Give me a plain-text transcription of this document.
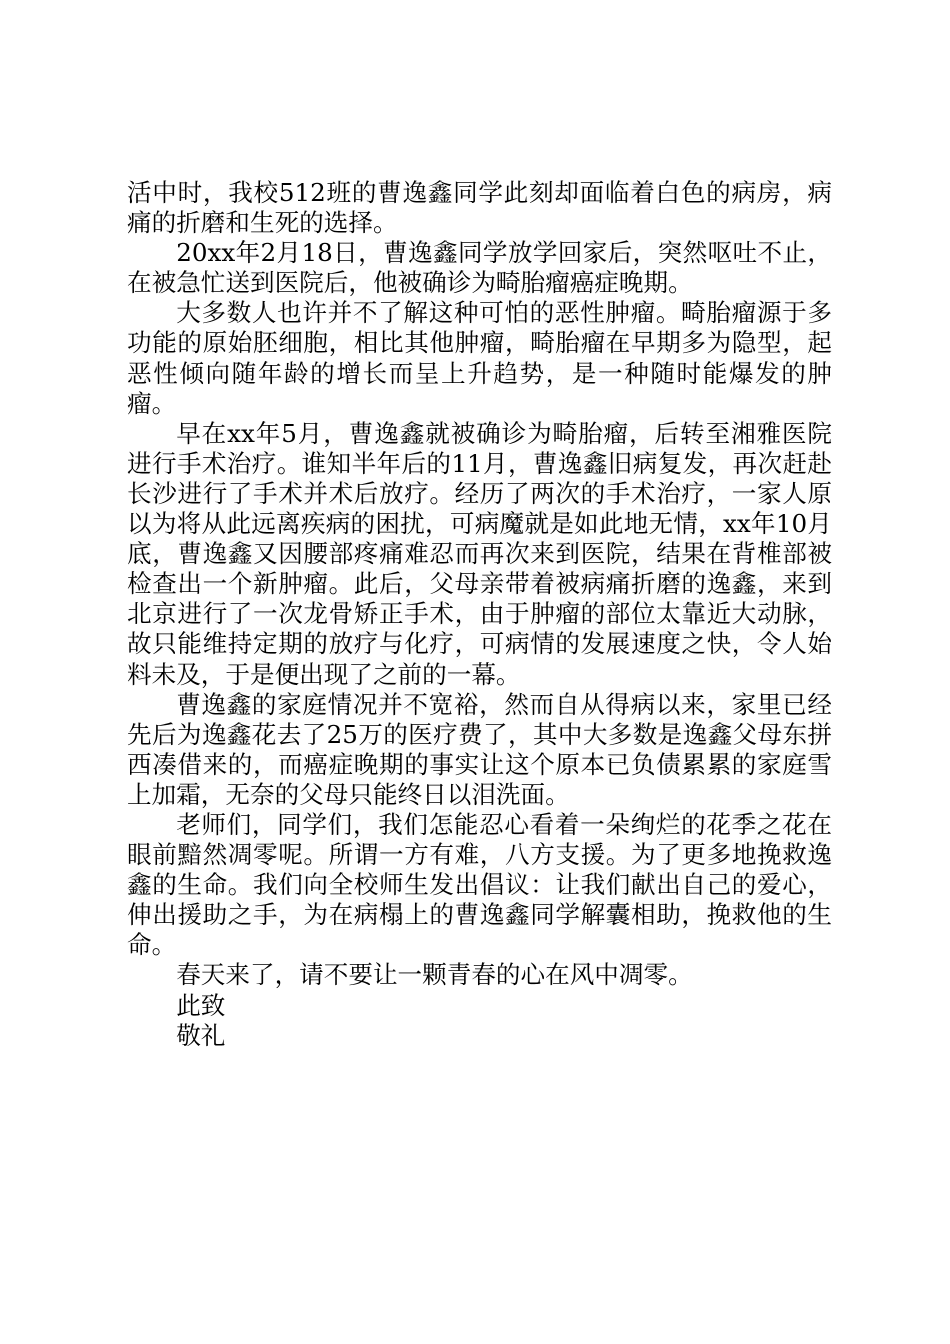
活中时，我校512班的曹逸鑫同学此刻却面临着白色的病房，病痛的折磨和生死的选择。

20xx年2月18日，曹逸鑫同学放学回家后，突然呕吐不止，在被急忙送到医院后，他被确诊为畸胎瘤癌症晚期。

大多数人也许并不了解这种可怕的恶性肿瘤。畸胎瘤源于多功能的原始胚细胞，相比其他肿瘤，畸胎瘤在早期多为隐型，起恶性倾向随年龄的增长而呈上升趋势，是一种随时能爆发的肿瘤。

早在xx年5月，曹逸鑫就被确诊为畸胎瘤，后转至湘雅医院进行手术治疗。谁知半年后的11月，曹逸鑫旧病复发，再次赶赴长沙进行了手术并术后放疗。经历了两次的手术治疗，一家人原以为将从此远离疾病的困扰，可病魔就是如此地无情，xx年10月底，曹逸鑫又因腰部疼痛难忍而再次来到医院，结果在背椎部被检查出一个新肿瘤。此后，父母亲带着被病痛折磨的逸鑫，来到北京进行了一次龙骨矫正手术，由于肿瘤的部位太靠近大动脉，故只能维持定期的放疗与化疗，可病情的发展速度之快，令人始料未及，于是便出现了之前的一幕。

曹逸鑫的家庭情况并不宽裕，然而自从得病以来，家里已经先后为逸鑫花去了25万的医疗费了，其中大多数是逸鑫父母东拼西凑借来的，而癌症晚期的事实让这个原本已负债累累的家庭雪上加霜，无奈的父母只能终日以泪洗面。

老师们，同学们，我们怎能忍心看着一朵绚烂的花季之花在眼前黯然凋零呢。所谓一方有难，八方支援。为了更多地挽救逸鑫的生命。我们向全校师生发出倡议：让我们献出自己的爱心，伸出援助之手，为在病榻上的曹逸鑫同学解囊相助，挽救他的生命。

春天来了，请不要让一颗青春的心在风中凋零。

此致

敬礼
